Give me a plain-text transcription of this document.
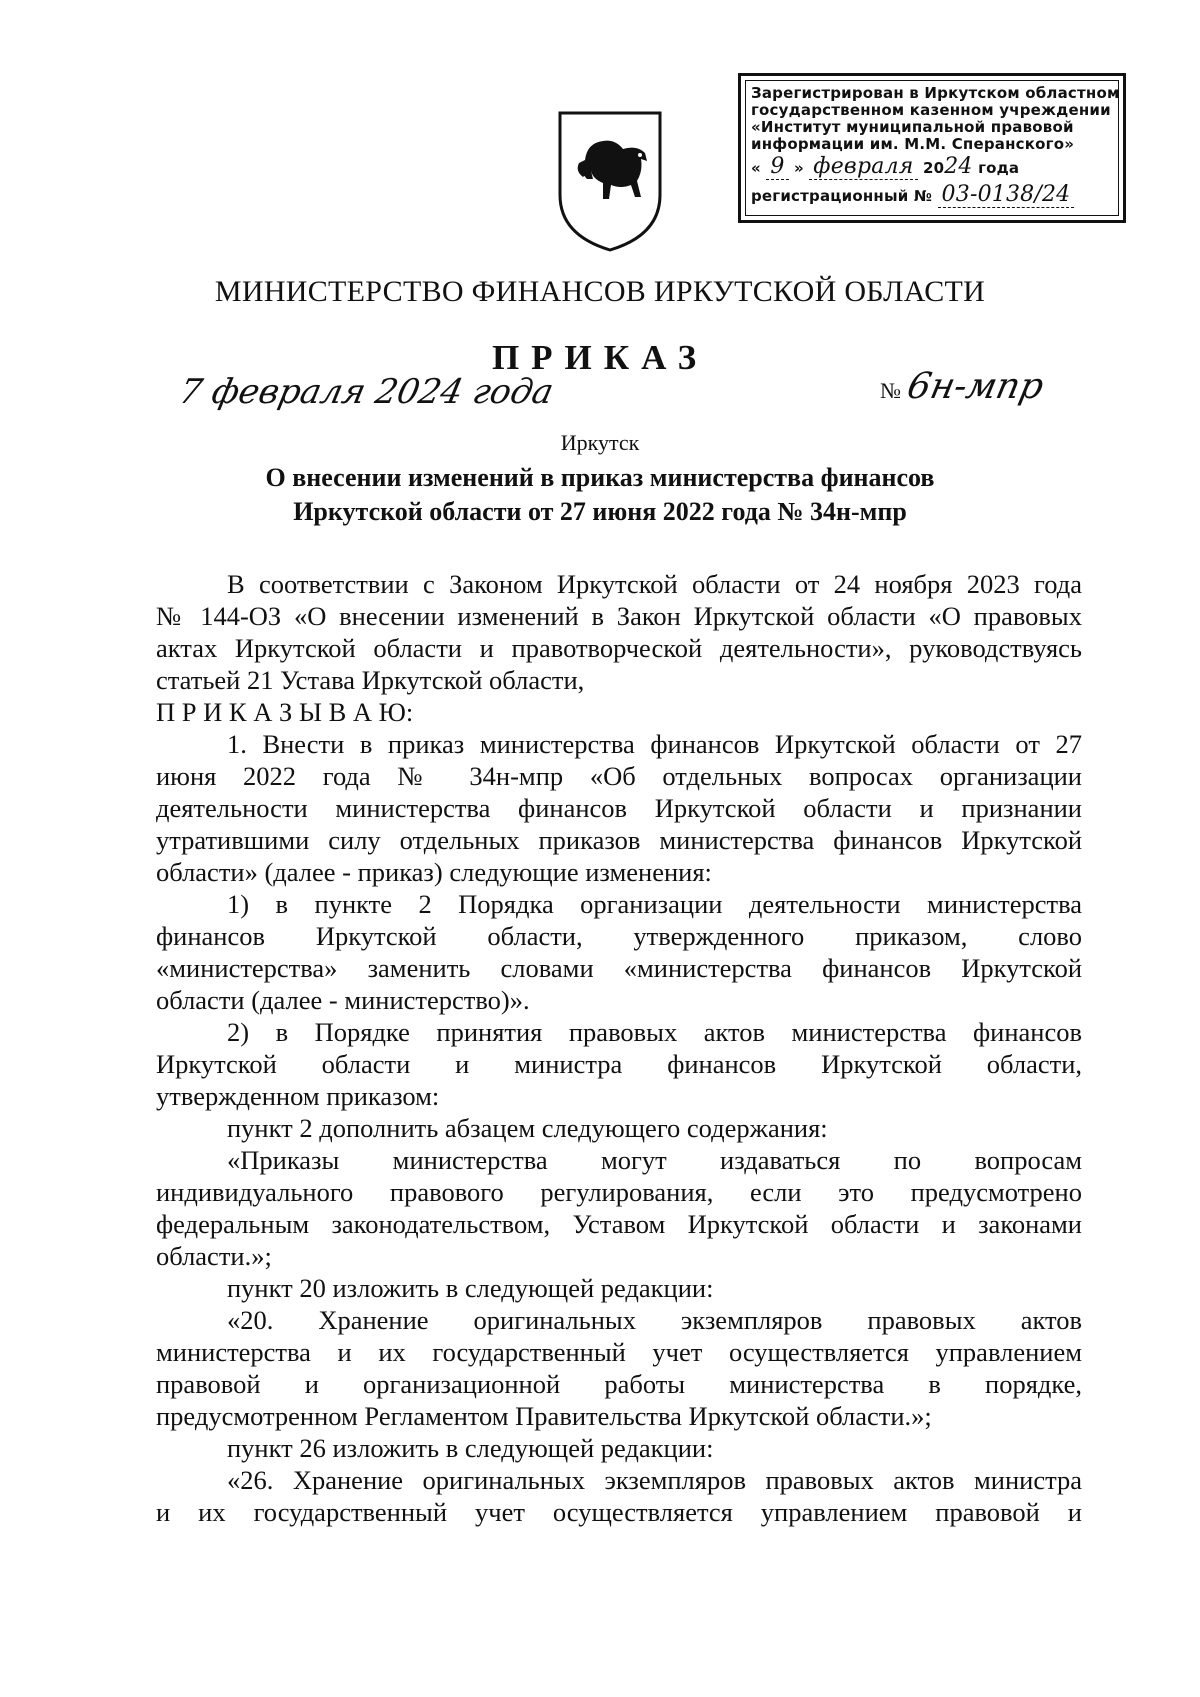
Зарегистрирован в Иркутском областном
государственном казенном учреждении
«Институт муниципальной правовой
информации им. М.М. Сперанского»
« 9 » февраля 2024 года
регистрационный № 03-0138/24
МИНИСТЕРСТВО ФИНАНСОВ ИРКУТСКОЙ ОБЛАСТИ
ПРИКАЗ
7 февраля 2024 года	№ 6н-мпр
Иркутск
О внесении изменений в приказ министерства финансов
Иркутской области от 27 июня 2022 года № 34н-мпр
В соответствии с Законом Иркутской области от 24 ноября 2023 года
№ 144-ОЗ «О внесении изменений в Закон Иркутской области «О правовых
актах Иркутской области и правотворческой деятельности», руководствуясь
статьей 21 Устава Иркутской области,
П Р И К А З Ы В А Ю:
1. Внести в приказ министерства финансов Иркутской области от 27
июня 2022 года № 34н-мпр «Об отдельных вопросах организации
деятельности министерства финансов Иркутской области и признании
утратившими силу отдельных приказов министерства финансов Иркутской
области» (далее - приказ) следующие изменения:
1) в пункте 2 Порядка организации деятельности министерства
финансов Иркутской области, утвержденного приказом, слово
«министерства» заменить словами «министерства финансов Иркутской
области (далее - министерство)».
2) в Порядке принятия правовых актов министерства финансов
Иркутской области и министра финансов Иркутской области,
утвержденном приказом:
пункт 2 дополнить абзацем следующего содержания:
«Приказы министерства могут издаваться по вопросам
индивидуального правового регулирования, если это предусмотрено
федеральным законодательством, Уставом Иркутской области и законами
области.»;
пункт 20 изложить в следующей редакции:
«20. Хранение оригинальных экземпляров правовых актов
министерства и их государственный учет осуществляется управлением
правовой и организационной работы министерства в порядке,
предусмотренном Регламентом Правительства Иркутской области.»;
пункт 26 изложить в следующей редакции:
«26. Хранение оригинальных экземпляров правовых актов министра
и их государственный учет осуществляется управлением правовой и
